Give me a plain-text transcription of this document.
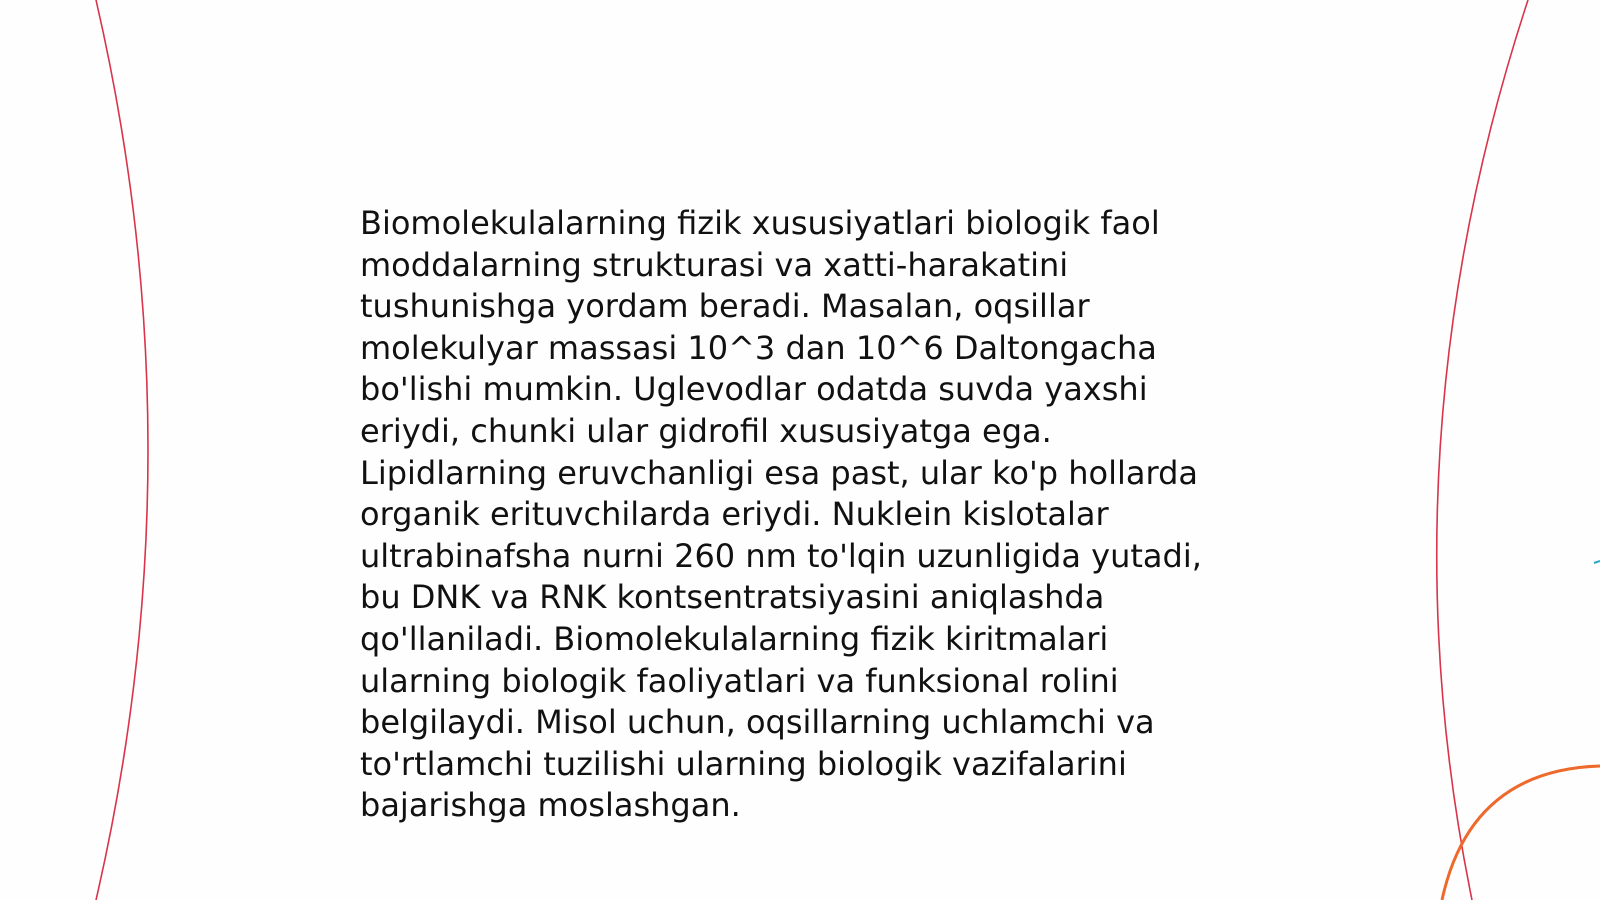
Biomolekulalarning fizik xususiyatlari biologik faol
moddalarning strukturasi va xatti-harakatini
tushunishga yordam beradi. Masalan, oqsillar
molekulyar massasi 10^3 dan 10^6 Daltongacha
bo'lishi mumkin. Uglevodlar odatda suvda yaxshi
eriydi, chunki ular gidrofil xususiyatga ega.
Lipidlarning eruvchanligi esa past, ular ko'p hollarda
organik erituvchilarda eriydi. Nuklein kislotalar
ultrabinafsha nurni 260 nm to'lqin uzunligida yutadi,
bu DNK va RNK kontsentratsiyasini aniqlashda
qo'llaniladi. Biomolekulalarning fizik kiritmalari
ularning biologik faoliyatlari va funksional rolini
belgilaydi. Misol uchun, oqsillarning uchlamchi va
to'rtlamchi tuzilishi ularning biologik vazifalarini
bajarishga moslashgan.
